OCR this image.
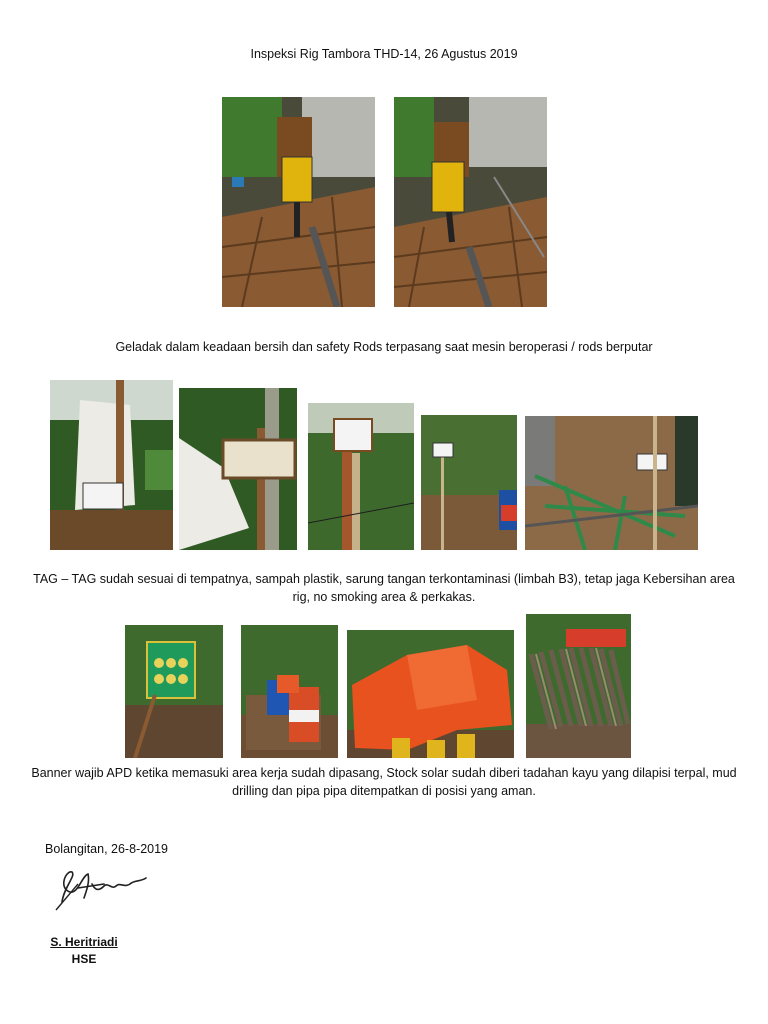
Inspeksi Rig Tambora THD-14, 26 Agustus 2019
Geladak dalam keadaan bersih dan safety Rods terpasang saat mesin beroperasi / rods berputar
TAG – TAG sudah sesuai di tempatnya, sampah plastik, sarung tangan terkontaminasi (limbah B3), tetap jaga Kebersihan area rig, no smoking area & perkakas.
Banner wajib APD ketika memasuki area kerja sudah dipasang, Stock solar sudah diberi tadahan kayu yang dilapisi terpal, mud drilling dan pipa pipa ditempatkan di posisi yang aman.
Bolangitan, 26-8-2019
S. Heritriadi
HSE
